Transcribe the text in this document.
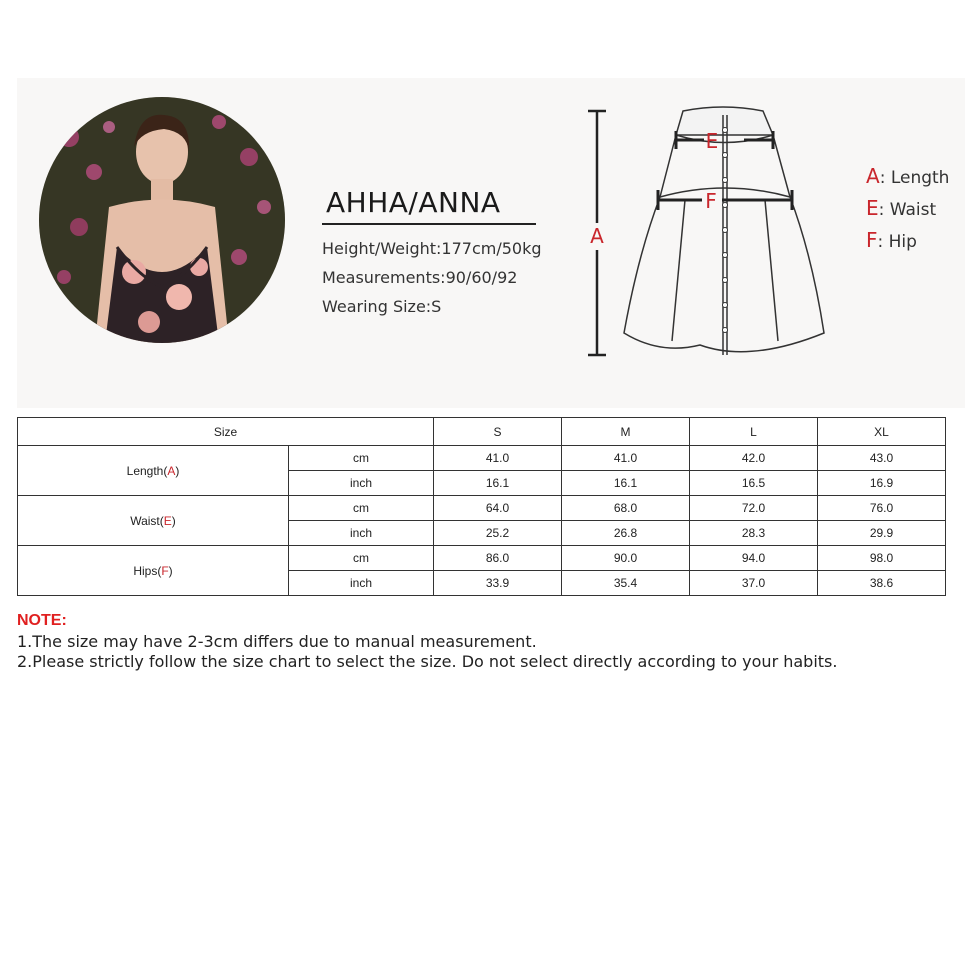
AHHA/ANNA
Height/Weight:177cm/50kg
Measurements:90/60/92
Wearing Size:S
A
E
F
A: Length
E: Waist
F: Hip
Size		S	M	L	XL
Length(A)	cm	41.0	41.0	42.0	43.0
	inch	16.1	16.1	16.5	16.9
Waist(E)	cm	64.0	68.0	72.0	76.0
	inch	25.2	26.8	28.3	29.9
Hips(F)	cm	86.0	90.0	94.0	98.0
	inch	33.9	35.4	37.0	38.6
NOTE:
1.The size may have 2-3cm differs due to manual measurement.
2.Please strictly follow the size chart to select the size. Do not select directly according to your habits.
